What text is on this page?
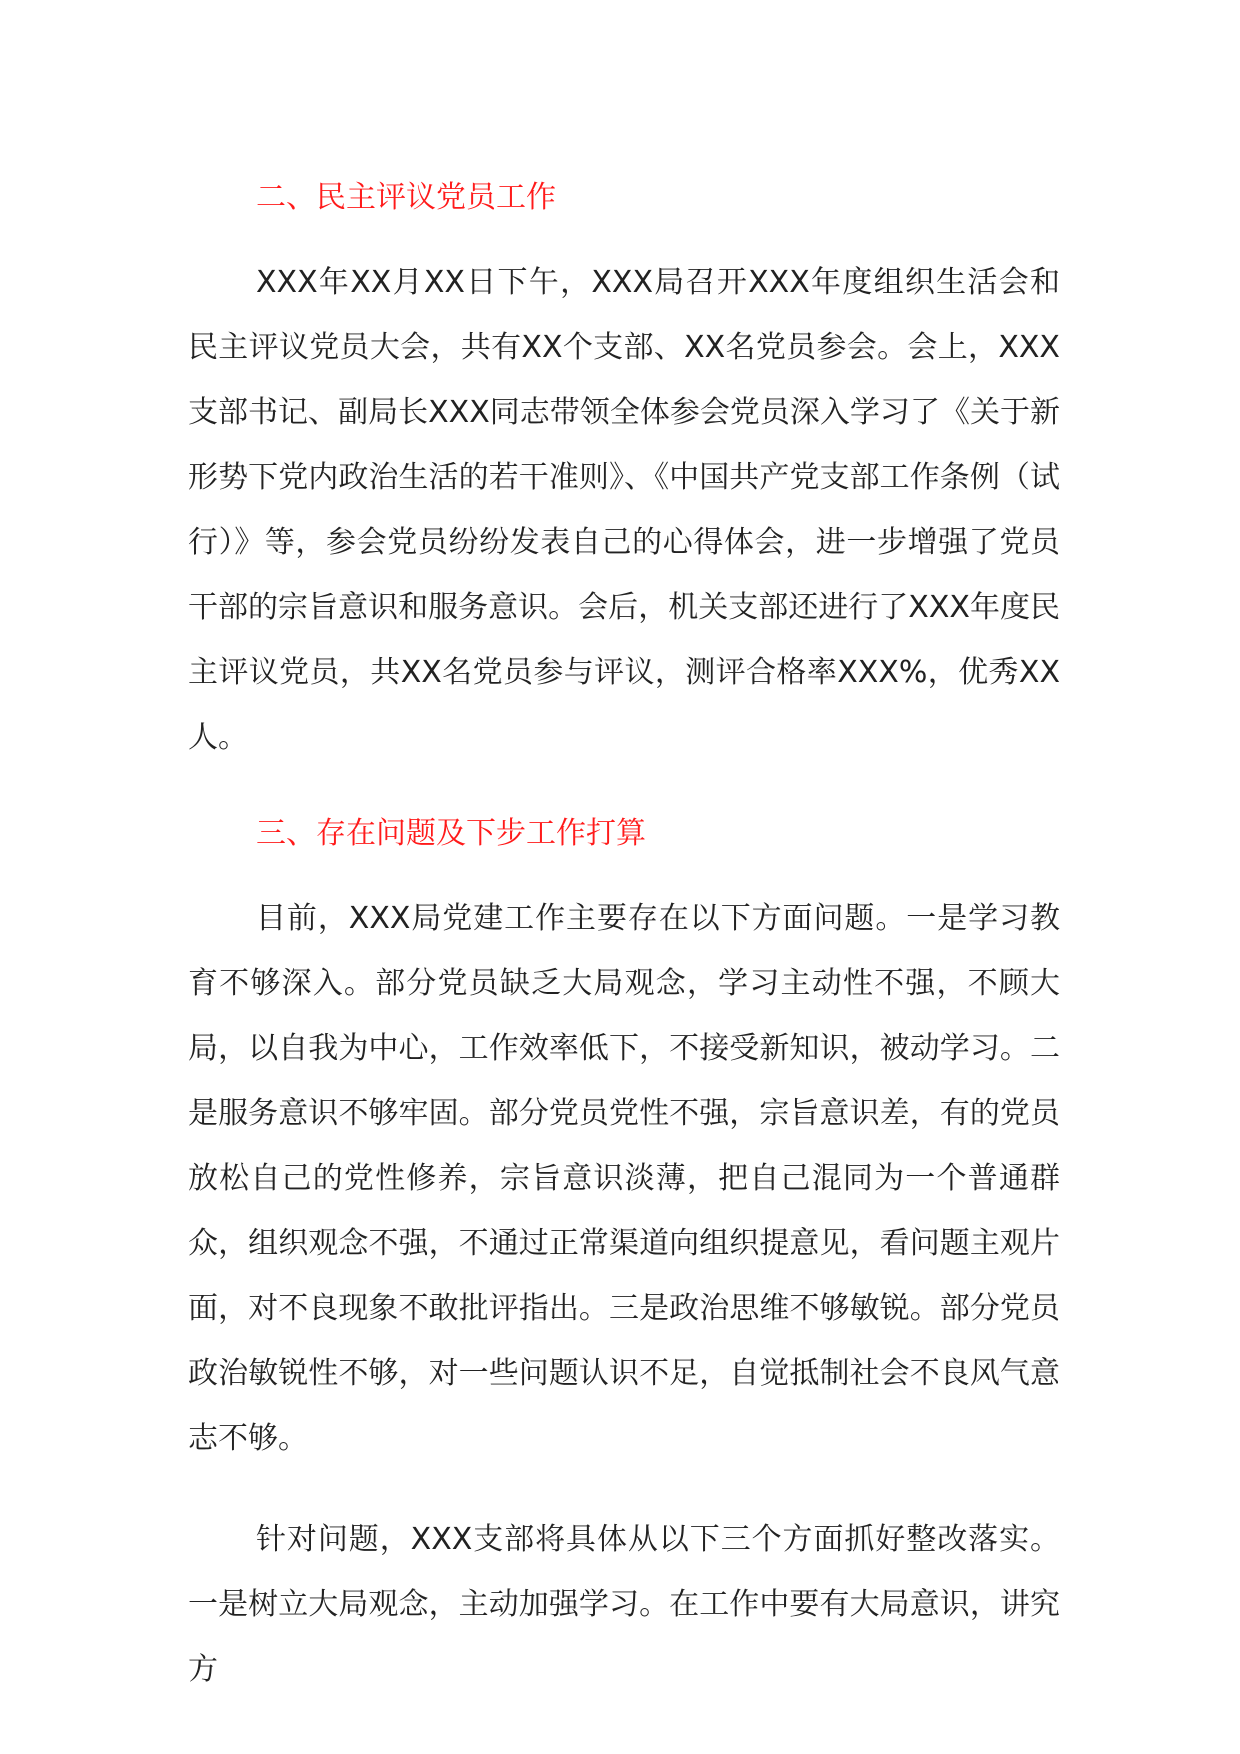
二、民主评议党员工作

XXX年XX月XX日下午，XXX局召开XXX年度组织生活会和民主评议党员大会，共有XX个支部、XX名党员参会。会上，XXX支部书记、副局长XXX同志带领全体参会党员深入学习了《关于新形势下党内政治生活的若干准则》、《中国共产党支部工作条例（试行）》等，参会党员纷纷发表自己的心得体会，进一步增强了党员干部的宗旨意识和服务意识。会后，机关支部还进行了XXX年度民主评议党员，共XX名党员参与评议，测评合格率XXX%，优秀XX人。

三、存在问题及下步工作打算

目前，XXX局党建工作主要存在以下方面问题。一是学习教育不够深入。部分党员缺乏大局观念，学习主动性不强，不顾大局，以自我为中心，工作效率低下，不接受新知识，被动学习。二是服务意识不够牢固。部分党员党性不强，宗旨意识差，有的党员放松自己的党性修养，宗旨意识淡薄，把自己混同为一个普通群众，组织观念不强，不通过正常渠道向组织提意见，看问题主观片面，对不良现象不敢批评指出。三是政治思维不够敏锐。部分党员政治敏锐性不够，对一些问题认识不足，自觉抵制社会不良风气意志不够。

针对问题，XXX支部将具体从以下三个方面抓好整改落实。一是树立大局观念，主动加强学习。在工作中要有大局意识，讲究方
